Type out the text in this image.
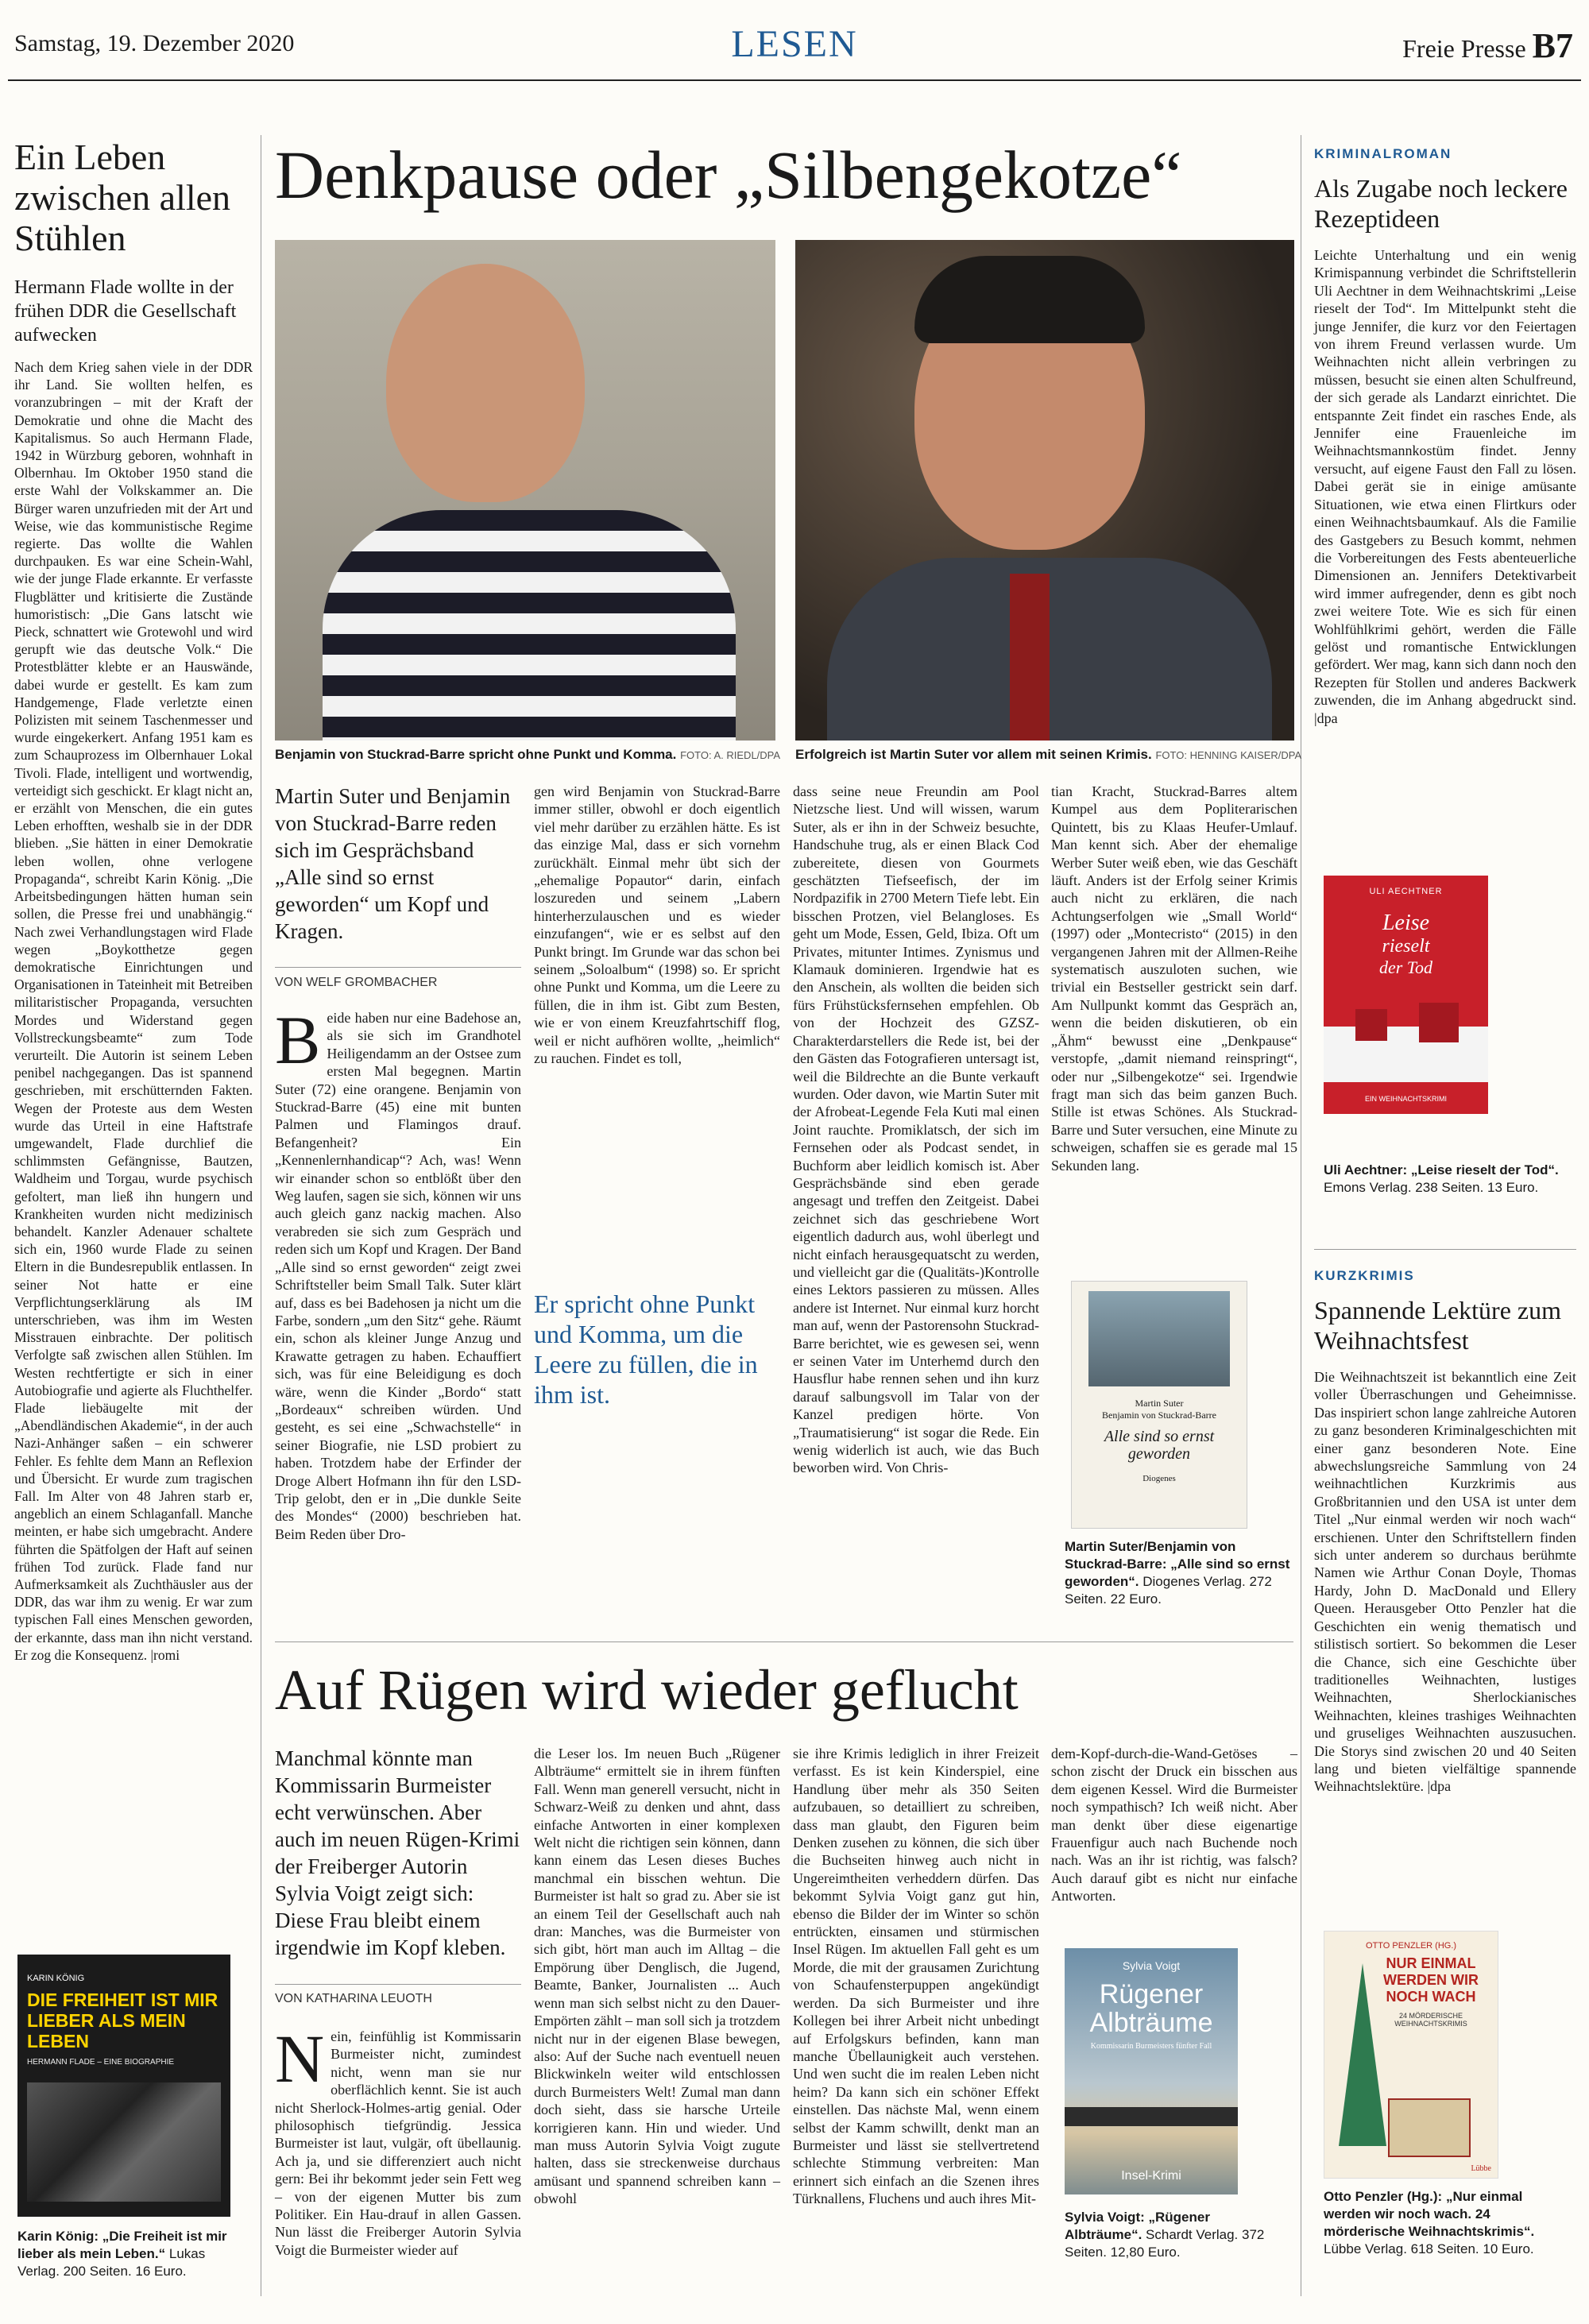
Samstag, 19. Dezember 2020	LESEN	Freie Presse B7
Ein Leben zwischen allen Stühlen
Hermann Flade wollte in der frühen DDR die Gesellschaft aufwecken
Nach dem Krieg sahen viele in der DDR ihr Land. Sie wollten helfen, es voranzubringen – mit der Kraft der Demokratie und ohne die Macht des Kapitalismus. So auch Hermann Flade, 1942 in Würzburg geboren, wohnhaft in Olbernhau. Im Oktober 1950 stand die erste Wahl der Volkskammer an. Die Bürger waren unzufrieden mit der Art und Weise, wie das kommunistische Regime regierte. Das wollte die Wahlen durchpauken. Es war eine Schein-Wahl, wie der junge Flade erkannte. Er verfasste Flugblätter und kritisierte die Zustände humoristisch: „Die Gans latscht wie Pieck, schnattert wie Grotewohl und wird gerupft wie das deutsche Volk.“ Die Protestblätter klebte er an Hauswände, dabei wurde er gestellt. Es kam zum Handgemenge, Flade verletzte einen Polizisten mit seinem Taschenmesser und wurde eingekerkert. Anfang 1951 kam es zum Schauprozess im Olbernhauer Lokal Tivoli. Flade, intelligent und wortwendig, verteidigt sich geschickt. Er klagt nicht an, er erzählt von Menschen, die ein gutes Leben erhofften, weshalb sie in der DDR blieben. „Sie hätten in einer Demokratie leben wollen, ohne verlogene Propaganda“, schreibt Karin König. „Die Arbeitsbedingungen hätten human sein sollen, die Presse frei und unabhängig.“ Nach zwei Verhandlungstagen wird Flade wegen „Boykotthetze gegen demokratische Einrichtungen und Organisationen in Tateinheit mit Betreiben militaristischer Propaganda, versuchten Mordes und Widerstand gegen Vollstreckungsbeamte“ zum Tode verurteilt. Die Autorin ist seinem Leben penibel nachgegangen. Das ist spannend geschrieben, mit erschütternden Fakten. Wegen der Proteste aus dem Westen wurde das Urteil in eine Haftstrafe umgewandelt, Flade durchlief die schlimmsten Gefängnisse, Bautzen, Waldheim und Torgau, wurde psychisch gefoltert, man ließ ihn hungern und Krankheiten wurden nicht medizinisch behandelt. Kanzler Adenauer schaltete sich ein, 1960 wurde Flade zu seinen Eltern in die Bundesrepublik entlassen. In seiner Not hatte er eine Verpflichtungserklärung als IM unterschrieben, was ihm im Westen Misstrauen einbrachte. Der politisch Verfolgte saß zwischen allen Stühlen. Im Westen rechtfertigte er sich in einer Autobiografie und agierte als Fluchthelfer. Flade liebäugelte mit der „Abendländischen Akademie“, in der auch Nazi-Anhänger saßen – ein schwerer Fehler. Es fehlte dem Mann an Reflexion und Übersicht. Er wurde zum tragischen Fall. Im Alter von 48 Jahren starb er, angeblich an einem Schlaganfall. Manche meinten, er habe sich umgebracht. Andere führten die Spätfolgen der Haft auf seinen frühen Tod zurück. Flade fand nur Aufmerksamkeit als Zuchthäusler aus der DDR, das war ihm zu wenig. Er war zum typischen Fall eines Menschen geworden, der erkannte, dass man ihn nicht verstand. Er zog die Konsequenz. |romi
KARIN KÖNIG
DIE FREIHEIT IST MIR LIEBER ALS MEIN LEBEN
HERMANN FLADE – EINE BIOGRAPHIE
Karin König: „Die Freiheit ist mir lieber als mein Leben.“ Lukas Verlag. 200 Seiten. 16 Euro.
Denkpause oder „Silbengekotze“
Benjamin von Stuckrad-Barre spricht ohne Punkt und Komma. FOTO: A. RIEDL/DPA Erfolgreich ist Martin Suter vor allem mit seinen Krimis. FOTO: HENNING KAISER/DPA
Martin Suter und Benjamin von Stuckrad-Barre reden sich im Gesprächsband „Alle sind so ernst geworden“ um Kopf und Kragen.
VON WELF GROMBACHER
Beide haben nur eine Badehose an, als sie sich im Grandhotel Heiligendamm an der Ostsee zum ersten Mal begegnen. Martin Suter (72) eine orangene. Benjamin von Stuckrad-Barre (45) eine mit bunten Palmen und Flamingos drauf. Befangenheit? Ein „Kennenlernhandicap“? Ach, was! Wenn wir einander schon so entblößt über den Weg laufen, sagen sie sich, können wir uns auch gleich ganz nackig machen. Also verabreden sie sich zum Gespräch und reden sich um Kopf und Kragen. Der Band „Alle sind so ernst geworden“ zeigt zwei Schriftsteller beim Small Talk. Suter klärt auf, dass es bei Badehosen ja nicht um die Farbe, sondern „um den Sitz“ gehe. Räumt ein, schon als kleiner Junge Anzug und Krawatte getragen zu haben. Echauffiert sich, was für eine Beleidigung es doch wäre, wenn die Kinder „Bordo“ statt „Bordeaux“ schreiben würden. Und gesteht, es sei eine „Schwachstelle“ in seiner Biografie, nie LSD probiert zu haben. Trotzdem habe der Erfinder der Droge Albert Hofmann ihn für den LSD-Trip gelobt, den er in „Die dunkle Seite des Mondes“ (2000) beschrieben hat. Beim Reden über Dro-
gen wird Benjamin von Stuckrad-Barre immer stiller, obwohl er doch eigentlich viel mehr darüber zu erzählen hätte. Es ist das einzige Mal, dass er sich vornehm zurückhält. Einmal mehr übt sich der „ehemalige Popautor“ darin, einfach loszureden und seinem „Labern hinterherzulauschen und es wieder einzufangen“, wie er es selbst auf den Punkt bringt. Im Grunde war das schon bei seinem „Soloalbum“ (1998) so. Er spricht ohne Punkt und Komma, um die Leere zu füllen, die in ihm ist. Gibt zum Besten, wie er von einem Kreuzfahrtschiff flog, weil er nicht aufhören wollte, „heimlich“ zu rauchen. Findet es toll,
Er spricht ohne Punkt und Komma, um die Leere zu füllen, die in ihm ist.
dass seine neue Freundin am Pool Nietzsche liest. Und will wissen, warum Suter, als er ihn in der Schweiz besuchte, Handschuhe trug, als er einen Black Cod zubereitete, diesen von Gourmets geschätzten Tiefseefisch, der im Nordpazifik in 2700 Metern Tiefe lebt. Ein bisschen Protzen, viel Belangloses. Es geht um Mode, Essen, Geld, Ibiza. Oft um Privates, mitunter Intimes. Zynismus und Klamauk dominieren. Irgendwie hat es den Anschein, als wollten die beiden sich fürs Frühstücksfernsehen empfehlen. Ob von der Hochzeit des GZSZ-Charakterdarstellers die Rede ist, bei der den Gästen das Fotografieren untersagt ist, weil die Bildrechte an die Bunte verkauft wurden. Oder davon, wie Martin Suter mit der Afrobeat-Legende Fela Kuti mal einen Joint rauchte. Promiklatsch, der sich im Fernsehen oder als Podcast sendet, in Buchform aber leidlich komisch ist. Aber Gesprächsbände sind eben gerade angesagt und treffen den Zeitgeist. Dabei zeichnet sich das geschriebene Wort eigentlich dadurch aus, wohl überlegt und nicht einfach herausgequatscht zu werden, und vielleicht gar die (Qualitäts-)Kontrolle eines Lektors passieren zu müssen. Alles andere ist Internet. Nur einmal kurz horcht man auf, wenn der Pastorensohn Stuckrad-Barre berichtet, wie es gewesen sei, wenn er seinen Vater im Unterhemd durch den Hausflur habe rennen sehen und ihn kurz darauf salbungsvoll im Talar von der Kanzel predigen hörte. Von „Traumatisierung“ ist sogar die Rede. Ein wenig widerlich ist auch, wie das Buch beworben wird. Von Chris-
tian Kracht, Stuckrad-Barres altem Kumpel aus dem Popliterarischen Quintett, bis zu Klaas Heufer-Umlauf. Man kennt sich. Aber der ehemalige Werber Suter weiß eben, wie das Geschäft läuft. Anders ist der Erfolg seiner Krimis auch nicht zu erklären, die nach Achtungserfolgen wie „Small World“ (1997) oder „Montecristo“ (2015) in den vergangenen Jahren mit der Allmen-Reihe systematisch auszuloten suchen, wie trivial ein Bestseller gestrickt sein darf. Am Nullpunkt kommt das Gespräch an, wenn die beiden diskutieren, ob ein „Ähm“ bewusst eine „Denkpause“ verstopfe, „damit niemand reinspringt“, oder nur „Silbengekotze“ sei. Irgendwie fragt man sich das beim ganzen Buch. Stille ist etwas Schönes. Als Stuckrad-Barre und Suter versuchen, eine Minute zu schweigen, schaffen sie es gerade mal 15 Sekunden lang.
Martin Suter
Benjamin von Stuckrad-Barre
Alle sind so ernst geworden
Diogenes
Martin Suter/Benjamin von Stuckrad-Barre: „Alle sind so ernst geworden“. Diogenes Verlag. 272 Seiten. 22 Euro.
Auf Rügen wird wieder geflucht
Manchmal könnte man Kommissarin Burmeister echt verwünschen. Aber auch im neuen Rügen-Krimi der Freiberger Autorin Sylvia Voigt zeigt sich: Diese Frau bleibt einem irgendwie im Kopf kleben.
VON KATHARINA LEUOTH
Nein, feinfühlig ist Kommissarin Burmeister nicht, zumindest nicht, wenn man sie nur oberflächlich kennt. Sie ist auch nicht Sherlock-Holmes-artig genial. Oder philosophisch tiefgründig. Jessica Burmeister ist laut, vulgär, oft übellaunig. Ach ja, und sie differenziert auch nicht gern: Bei ihr bekommt jeder sein Fett weg – von der eigenen Mutter bis zum Politiker. Ein Hau-drauf in allen Gassen. Nun lässt die Freiberger Autorin Sylvia Voigt die Burmeister wieder auf
die Leser los. Im neuen Buch „Rügener Albträume“ ermittelt sie in ihrem fünften Fall. Wenn man generell versucht, nicht in Schwarz-Weiß zu denken und ahnt, dass einfache Antworten in einer komplexen Welt nicht die richtigen sein können, dann kann einem das Lesen dieses Buches manchmal ein bisschen wehtun. Die Burmeister ist halt so grad zu. Aber sie ist an einem Teil der Gesellschaft auch nah dran: Manches, was die Burmeister von sich gibt, hört man auch im Alltag – die Empörung über Denglisch, die Jugend, Beamte, Banker, Journalisten ... Auch wenn man sich selbst nicht zu den Dauer-Empörten zählt – man soll sich ja trotzdem nicht nur in der eigenen Blase bewegen, also: Auf der Suche nach eventuell neuen Blickwinkeln weiter wild entschlossen durch Burmeisters Welt! Zumal man dann doch sieht, dass sie harsche Urteile korrigieren kann. Hin und wieder. Und man muss Autorin Sylvia Voigt zugute halten, dass sie streckenweise durchaus amüsant und spannend schreiben kann – obwohl
sie ihre Krimis lediglich in ihrer Freizeit verfasst. Es ist kein Kinderspiel, eine Handlung über mehr als 350 Seiten aufzubauen, so detailliert zu schreiben, dass man glaubt, den Figuren beim Denken zusehen zu können, die sich über die Buchseiten hinweg auch nicht in Ungereimtheiten verheddern dürfen. Das bekommt Sylvia Voigt ganz gut hin, ebenso die Bilder der im Winter so schön entrückten, einsamen und stürmischen Insel Rügen. Im aktuellen Fall geht es um Morde, die mit der grausamen Zurichtung von Schaufensterpuppen angekündigt werden. Da sich Burmeister und ihre Kollegen bei ihrer Arbeit nicht unbedingt auf Erfolgskurs befinden, kann man manche Übellaunigkeit auch verstehen. Und wen sucht die im realen Leben nicht heim? Da kann sich ein schöner Effekt einstellen. Das nächste Mal, wenn einem selbst der Kamm schwillt, denkt man an Burmeister und lässt sie stellvertretend schlechte Stimmung verbreiten: Man erinnert sich einfach an die Szenen ihres Türknallens, Fluchens und auch ihres Mit-
dem-Kopf-durch-die-Wand-Getöses – schon zischt der Druck ein bisschen aus dem eigenen Kessel. Wird die Burmeister noch sympathisch? Ich weiß nicht. Aber man denkt über diese eigenartige Frauenfigur auch nach Buchende noch nach. Was an ihr ist richtig, was falsch? Auch darauf gibt es nicht nur einfache Antworten.
Sylvia Voigt
Rügener Albträume
Kommissarin Burmeisters fünfter Fall
Insel-Krimi
Sylvia Voigt: „Rügener Albträume“. Schardt Verlag. 372 Seiten. 12,80 Euro.
KRIMINALROMAN
Als Zugabe noch leckere Rezeptideen
Leichte Unterhaltung und ein wenig Krimispannung verbindet die Schriftstellerin Uli Aechtner in dem Weihnachtskrimi „Leise rieselt der Tod“. Im Mittelpunkt steht die junge Jennifer, die kurz vor den Feiertagen von ihrem Freund verlassen wurde. Um Weihnachten nicht allein verbringen zu müssen, besucht sie einen alten Schulfreund, der sich gerade als Landarzt einrichtet. Die entspannte Zeit findet ein rasches Ende, als Jennifer eine Frauenleiche im Weihnachtsmannkostüm findet. Jenny versucht, auf eigene Faust den Fall zu lösen. Dabei gerät sie in einige amüsante Situationen, wie etwa einen Flirtkurs oder einen Weihnachtsbaumkauf. Als die Familie des Gastgebers zu Besuch kommt, nehmen die Vorbereitungen des Fests abenteuerliche Dimensionen an. Jennifers Detektivarbeit wird immer aufregender, denn es gibt noch zwei weitere Tote. Wie es sich für einen Wohlfühlkrimi gehört, werden die Fälle gelöst und romantische Entwicklungen gefördert. Wer mag, kann sich dann noch den Rezepten für Stollen und anderes Backwerk zuwenden, die im Anhang abgedruckt sind. |dpa
ULI AECHTNER
Leise
rieselt
der Tod
EIN WEIHNACHTSKRIMI
Uli Aechtner: „Leise rieselt der Tod“. Emons Verlag. 238 Seiten. 13 Euro.
KURZKRIMIS
Spannende Lektüre zum Weihnachtsfest
Die Weihnachtszeit ist bekanntlich eine Zeit voller Überraschungen und Geheimnisse. Das inspiriert schon lange zahlreiche Autoren zu ganz besonderen Kriminalgeschichten mit einer ganz besonderen Note. Eine abwechslungsreiche Sammlung von 24 weihnachtlichen Kurzkrimis aus Großbritannien und den USA ist unter dem Titel „Nur einmal werden wir noch wach“ erschienen. Unter den Schriftstellern finden sich unter anderem so durchaus berühmte Namen wie Arthur Conan Doyle, Thomas Hardy, John D. MacDonald und Ellery Queen. Herausgeber Otto Penzler hat die Geschichten ein wenig thematisch und stilistisch sortiert. So bekommen die Leser die Chance, sich eine Geschichte über traditionelles Weihnachten, lustiges Weihnachten, Sherlockianisches Weihnachten, kleines trashiges Weihnachten und gruseliges Weihnachten auszusuchen. Die Storys sind zwischen 20 und 40 Seiten lang und bieten vielfältige spannende Weihnachtslektüre. |dpa
OTTO PENZLER (HG.)
NUR EINMAL WERDEN WIR NOCH WACH
24 MÖRDERISCHE WEIHNACHTSKRIMIS
Lübbe
Otto Penzler (Hg.): „Nur einmal werden wir noch wach. 24 mörderische Weihnachtskrimis“. Lübbe Verlag. 618 Seiten. 10 Euro.
